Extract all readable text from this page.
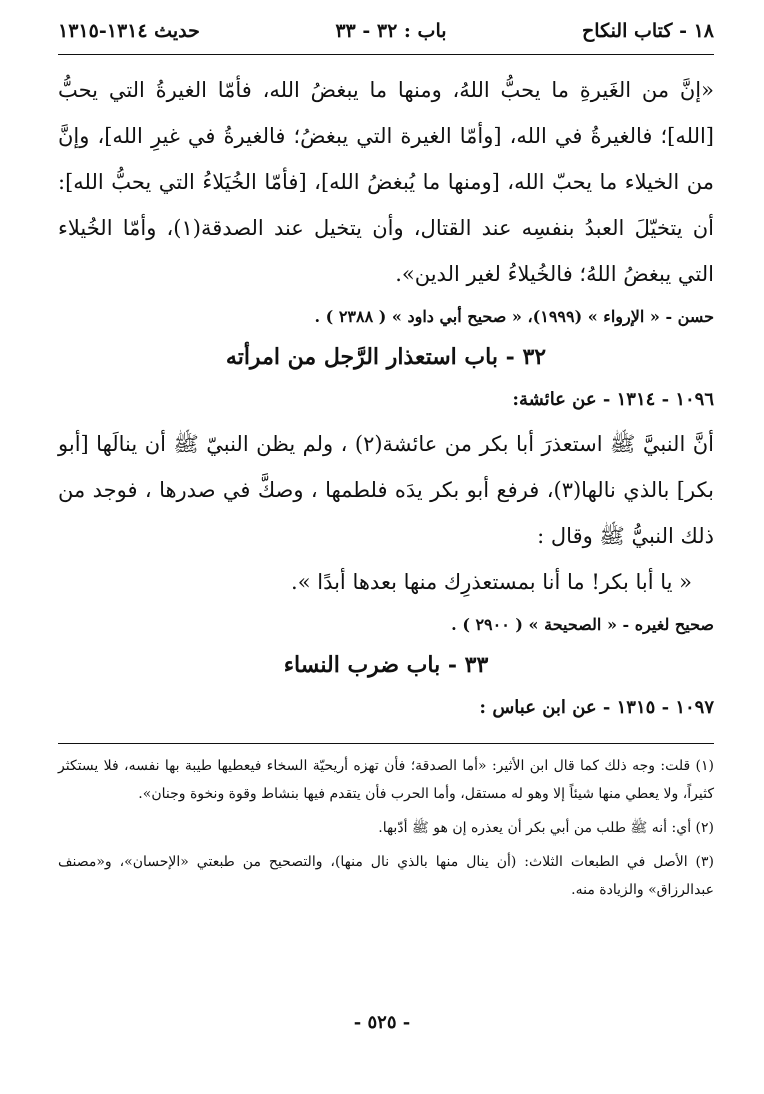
١٨ - كتاب النكاح
باب : ٣٢ - ٣٣
حديث ١٣١٤-١٣١٥

«إنَّ من الغَيرةِ ما يحبُّ اللهُ، ومنها ما يبغضُ الله، فأمّا الغيرةُ التي يحبُّ [الله]؛ فالغيرةُ في الله، [وأمّا الغيرة التي يبغضُ؛ فالغيرةُ في غيرِ الله]، وإنَّ من الخيلاء ما يحبّ الله، [ومنها ما يُبغضُ الله]، [فأمّا الخُيَلاءُ التي يحبُّ الله]: أن يتخيّلَ العبدُ بنفسِه عند القتال، وأن يتخيل عند الصدقة(١)، وأمّا الخُيلاء التي يبغضُ اللهُ؛ فالخُيلاءُ لغير الدين».

حسن - « الإرواء » (١٩٩٩)، « صحيح أبي داود » ( ٢٣٨٨ ) .

٣٢ - باب استعذار الرَّجل من امرأته

١٠٩٦ - ١٣١٤ - عن عائشة:

أنَّ النبيَّ ﷺ استعذرَ أبا بكر من عائشة(٢) ، ولم يظن النبيّ ﷺ أن ينالَها [أبو بكر] بالذي نالها(٣)، فرفع أبو بكر يدَه فلطمها ، وصكَّ في صدرها ، فوجد من ذلك النبيُّ ﷺ وقال :

« يا أبا بكر! ما أنا بمستعذرِك منها بعدها أبدًا ».

صحيح لغيره - « الصحيحة » ( ٢٩٠٠ ) .

٣٣ - باب ضرب النساء

١٠٩٧ - ١٣١٥ - عن ابن عباس :

(١) قلت: وجه ذلك كما قال ابن الأثير: «أما الصدقة؛ فأن تهزه أريحيّة السخاء فيعطيها طيبة بها نفسه، فلا يستكثر كثيراً، ولا يعطي منها شيئاً إلا وهو له مستقل، وأما الحرب فأن يتقدم فيها بنشاط وقوة ونخوة وجنان».

(٢) أي: أنه ﷺ طلب من أبي بكر أن يعذره إن هو ﷺ أدّبها.

(٣) الأصل في الطبعات الثلاث: (أن ينال منها بالذي نال منها)، والتصحيح من طبعتي «الإحسان»، و«مصنف عبدالرزاق» والزيادة منه.

- ٥٢٥ -
